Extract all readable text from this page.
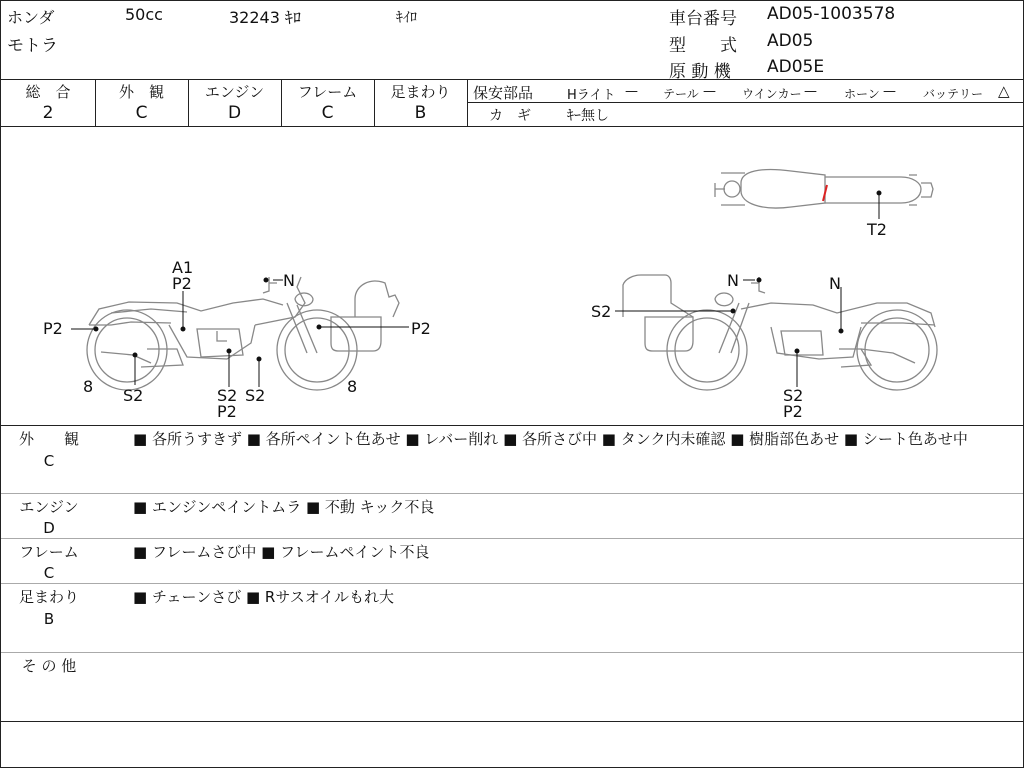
ホンダ	50cc	32243 ｷﾛ	ｷｲﾛ
モトラ
車台番号 AD05-1003578
型　　式 AD05
原 動 機 AD05E
総　合
2
外　観
C
エンジン
D
フレーム
C
足まわり
B
保安部品	Hライト — テール — ウインカー — ホーン — バッテリー △
カ　ギ	ｷｰ無し
A1
P2	N
P2	P2
S2	S2
P2
S2
8	8
S2
N	N
S2
P2
T2
外　　観
C
■ 各所うすきず ■ 各所ペイント色あせ ■ レバー削れ ■ 各所さび中 ■ タンク内未確認 ■ 樹脂部色あせ ■ シート色あせ中
エンジン
D
■ エンジンペイントムラ ■ 不動 キック不良
フレーム
C
■ フレームさび中 ■ フレームペイント不良
足まわり
B
■ チェーンさび ■ Rサスオイルもれ大
そ の 他
